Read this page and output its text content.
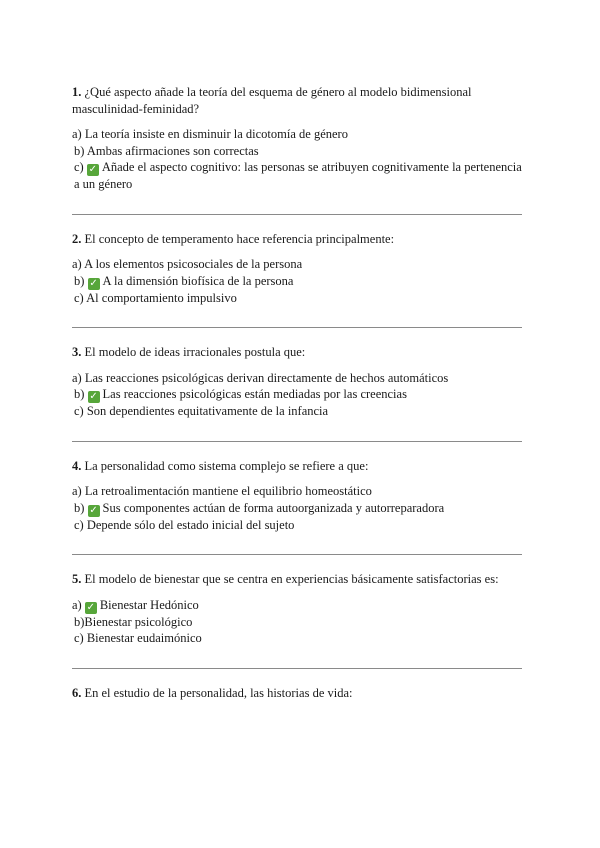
1. ¿Qué aspecto añade la teoría del esquema de género al modelo bidimensional masculinidad-feminidad?

a) La teoría insiste en disminuir la dicotomía de género
b) Ambas afirmaciones son correctas
c) ✓ Añade el aspecto cognitivo: las personas se atribuyen cognitivamente la pertenencia a un género

2. El concepto de temperamento hace referencia principalmente:

a) A los elementos psicosociales de la persona
b) ✓ A la dimensión biofísica de la persona
c) Al comportamiento impulsivo

3. El modelo de ideas irracionales postula que:

a) Las reacciones psicológicas derivan directamente de hechos automáticos
b) ✓ Las reacciones psicológicas están mediadas por las creencias
c) Son dependientes equitativamente de la infancia

4. La personalidad como sistema complejo se refiere a que:

a) La retroalimentación mantiene el equilibrio homeostático
b) ✓ Sus componentes actúan de forma autoorganizada y autorreparadora
c) Depende sólo del estado inicial del sujeto

5. El modelo de bienestar que se centra en experiencias básicamente satisfactorias es:

a) ✓ Bienestar Hedónico
b)Bienestar psicológico
c) Bienestar eudaimónico

6. En el estudio de la personalidad, las historias de vida:
